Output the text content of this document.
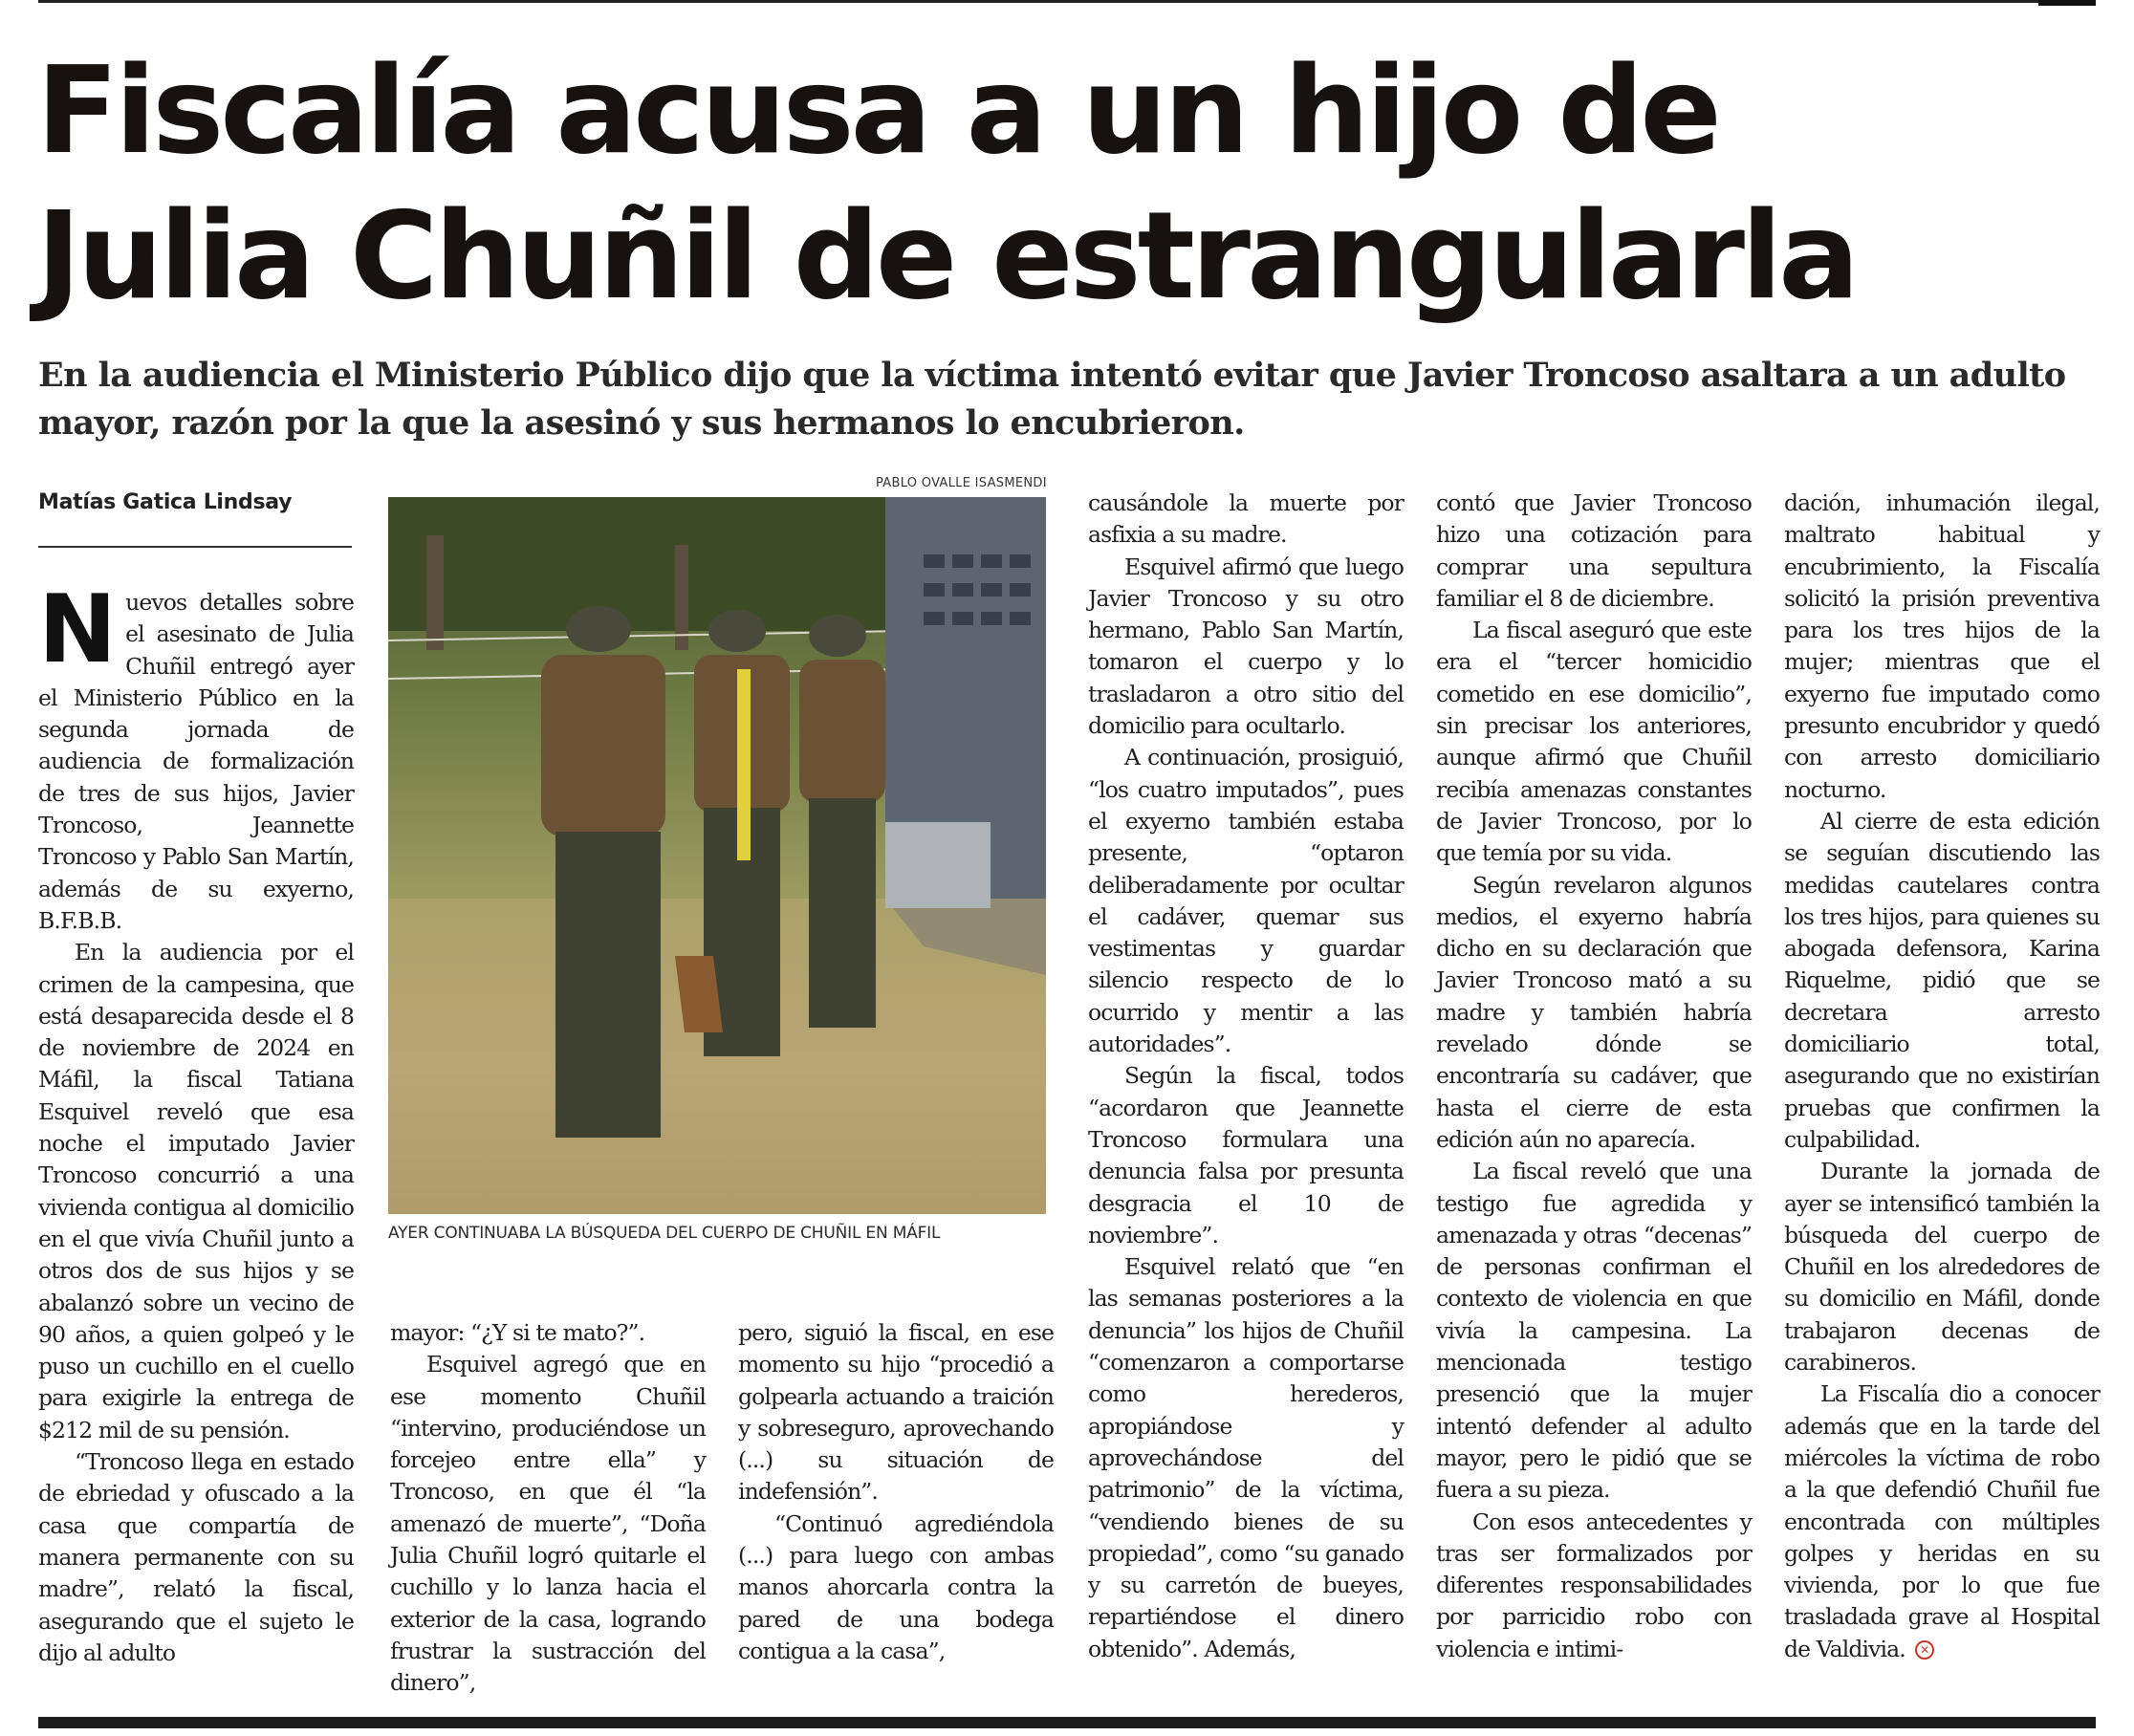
Fiscalía acusa a un hijo de
Julia Chuñil de estrangularla

En la audiencia el Ministerio Público dijo que la víctima intentó evitar que Javier Troncoso asaltara a un adulto mayor, razón por la que la asesinó y sus hermanos lo encubrieron.

Matías Gatica Lindsay

PABLO OVALLE ISASMENDI

AYER CONTINUABA LA BÚSQUEDA DEL CUERPO DE CHUÑIL EN MÁFIL

Nuevos detalles sobre el asesinato de Julia Chuñil entregó ayer el Ministerio Público en la segunda jornada de audiencia de formalización de tres de sus hijos, Javier Troncoso, Jeannette Troncoso y Pablo San Martín, además de su exyerno, B.F.B.B.

En la audiencia por el crimen de la campesina, que está desaparecida desde el 8 de noviembre de 2024 en Máfil, la fiscal Tatiana Esquivel reveló que esa noche el imputado Javier Troncoso concurrió a una vivienda contigua al domicilio en el que vivía Chuñil junto a otros dos de sus hijos y se abalanzó sobre un vecino de 90 años, a quien golpeó y le puso un cuchillo en el cuello para exigirle la entrega de $212 mil de su pensión.

“Troncoso llega en estado de ebriedad y ofuscado a la casa que compartía de manera permanente con su madre”, relató la fiscal, asegurando que el sujeto le dijo al adulto

mayor: “¿Y si te mato?”.

Esquivel agregó que en ese momento Chuñil “intervino, produciéndose un forcejeo entre ella” y Troncoso, en que él “la amenazó de muerte”, “Doña Julia Chuñil logró quitarle el cuchillo y lo lanza hacia el exterior de la casa, logrando frustrar la sustracción del dinero”,

pero, siguió la fiscal, en ese momento su hijo “procedió a golpearla actuando a traición y sobreseguro, aprovechando (...) su situación de indefensión”.

“Continuó agrediéndola (...) para luego con ambas manos ahorcarla contra la pared de una bodega contigua a la casa”,

causándole la muerte por asfixia a su madre.

Esquivel afirmó que luego Javier Troncoso y su otro hermano, Pablo San Martín, tomaron el cuerpo y lo trasladaron a otro sitio del domicilio para ocultarlo.

A continuación, prosiguió, “los cuatro imputados”, pues el exyerno también estaba presente, “optaron deliberadamente por ocultar el cadáver, quemar sus vestimentas y guardar silencio respecto de lo ocurrido y mentir a las autoridades”.

Según la fiscal, todos “acordaron que Jeannette Troncoso formulara una denuncia falsa por presunta desgracia el 10 de noviembre”.

Esquivel relató que “en las semanas posteriores a la denuncia” los hijos de Chuñil “comenzaron a comportarse como herederos, apropiándose y aprovechándose del patrimonio” de la víctima, “vendiendo bienes de su propiedad”, como “su ganado y su carretón de bueyes, repartiéndose el dinero obtenido”. Además,

contó que Javier Troncoso hizo una cotización para comprar una sepultura familiar el 8 de diciembre.

La fiscal aseguró que este era el “tercer homicidio cometido en ese domicilio”, sin precisar los anteriores, aunque afirmó que Chuñil recibía amenazas constantes de Javier Troncoso, por lo que temía por su vida.

Según revelaron algunos medios, el exyerno habría dicho en su declaración que Javier Troncoso mató a su madre y también habría revelado dónde se encontraría su cadáver, que hasta el cierre de esta edición aún no aparecía.

La fiscal reveló que una testigo fue agredida y amenazada y otras “decenas” de personas confirman el contexto de violencia en que vivía la campesina. La mencionada testigo presenció que la mujer intentó defender al adulto mayor, pero le pidió que se fuera a su pieza.

Con esos antecedentes y tras ser formalizados por diferentes responsabilidades por parricidio robo con violencia e intimi-

dación, inhumación ilegal, maltrato habitual y encubrimiento, la Fiscalía solicitó la prisión preventiva para los tres hijos de la mujer; mientras que el exyerno fue imputado como presunto encubridor y quedó con arresto domiciliario nocturno.

Al cierre de esta edición se seguían discutiendo las medidas cautelares contra los tres hijos, para quienes su abogada defensora, Karina Riquelme, pidió que se decretara arresto domiciliario total, asegurando que no existirían pruebas que confirmen la culpabilidad.

Durante la jornada de ayer se intensificó también la búsqueda del cuerpo de Chuñil en los alrededores de su domicilio en Máfil, donde trabajaron decenas de carabineros.

La Fiscalía dio a conocer además que en la tarde del miércoles la víctima de robo a la que defendió Chuñil fue encontrada con múltiples golpes y heridas en su vivienda, por lo que fue trasladada grave al Hospital de Valdivia. ✕
